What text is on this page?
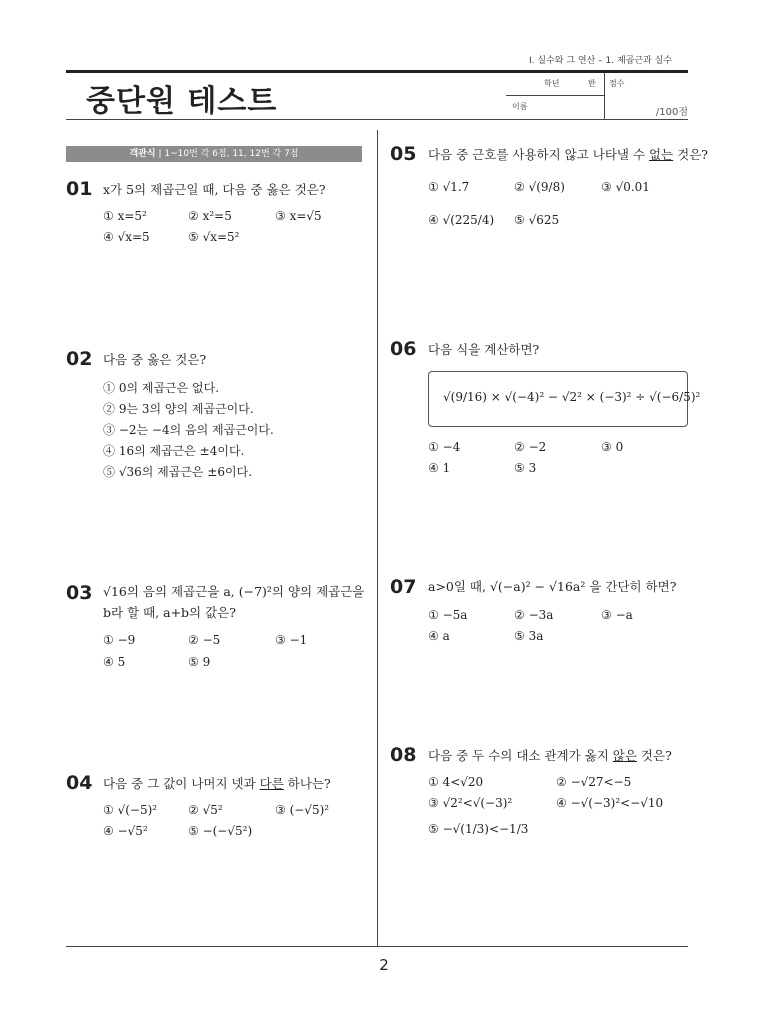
Ⅰ. 실수와 그 연산 – 1. 제곱근과 실수
중단원 테스트
학년	반 점수
이름
/100점
2
객관식 | 1~10번 각 6점, 11, 12번 각 7점
01 x가 5의 제곱근일 때, 다음 중 옳은 것은?
① x=5²	② x²=5	③ x=√5
④ √x=5	⑤ √x=5²
02 다음 중 옳은 것은?
① 0의 제곱근은 없다.
② 9는 3의 양의 제곱근이다.
③ −2는 −4의 음의 제곱근이다.
④ 16의 제곱근은 ±4이다.
⑤ √36의 제곱근은 ±6이다.
03 √16의 음의 제곱근을 a, (−7)²의 양의 제곱근을
b라 할 때, a+b의 값은?
① −9	② −5	③ −1
④ 5	⑤ 9
04 다음 중 그 값이 나머지 넷과 다른 하나는?
① √(−5)²	② √5²	③ (−√5)²
④ −√5²	⑤ −(−√5²)
05 다음 중 근호를 사용하지 않고 나타낼 수 없는 것은?
① √1.7̇	② √(9/8)	③ √0.01
④ √(225/4) ⑤ √625
06 다음 식을 계산하면?
√(9/16) × √(−4)² − √2² × (−3)² ÷ √(−6/5)²
① −4	② −2	③ 0
④ 1	⑤ 3
07 a>0일 때, √(−a)² − √16a² 을 간단히 하면?
① −5a	② −3a	③ −a
④ a	⑤ 3a
08 다음 중 두 수의 대소 관계가 옳지 않은 것은?
① 4<√20	② −√27<−5
③ √2²<√(−3)²	④ −√(−3)²<−√10
⑤ −√(1/3)<−1/3
